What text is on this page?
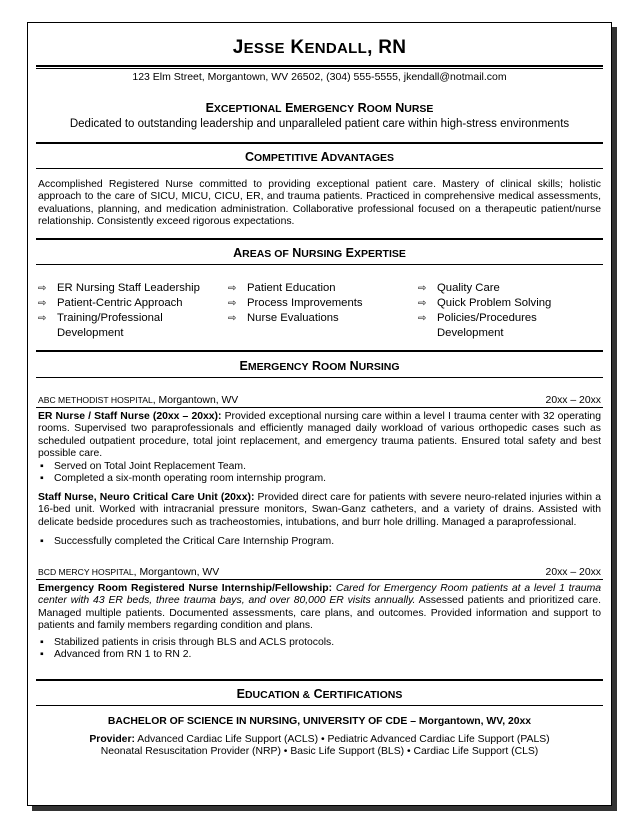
JESSE KENDALL, RN
123 Elm Street, Morgantown, WV 26502, (304) 555-5555, jkendall@notmail.com
EXCEPTIONAL EMERGENCY ROOM NURSE
Dedicated to outstanding leadership and unparalleled patient care within high-stress environments
COMPETITIVE ADVANTAGES
Accomplished Registered Nurse committed to providing exceptional patient care. Mastery of clinical skills; holistic approach to the care of SICU, MICU, CICU, ER, and trauma patients. Practiced in comprehensive medical assessments, evaluations, planning, and medication administration. Collaborative professional focused on a therapeutic patient/nurse relationship. Consistently exceed rigorous expectations.
AREAS OF NURSING EXPERTISE
⇨ ER Nursing Staff Leadership
⇨ Patient-Centric Approach
⇨ Training/Professional Development
⇨ Patient Education
⇨ Process Improvements
⇨ Nurse Evaluations
⇨ Quality Care
⇨ Quick Problem Solving
⇨ Policies/Procedures Development
EMERGENCY ROOM NURSING
ABC METHODIST HOSPITAL, Morgantown, WV	20xx – 20xx
ER Nurse / Staff Nurse (20xx – 20xx): Provided exceptional nursing care within a level I trauma center with 32 operating rooms. Supervised two paraprofessionals and efficiently managed daily workload of various orthopedic cases such as scheduled outpatient procedure, total joint replacement, and emergency trauma patients. Ensured total safety and best possible care.
▪ Served on Total Joint Replacement Team.
▪ Completed a six-month operating room internship program.
Staff Nurse, Neuro Critical Care Unit (20xx): Provided direct care for patients with severe neuro-related injuries within a 16-bed unit. Worked with intracranial pressure monitors, Swan-Ganz catheters, and a variety of drains. Assisted with delicate bedside procedures such as tracheostomies, intubations, and burr hole drilling. Managed a paraprofessional.
▪ Successfully completed the Critical Care Internship Program.
BCD MERCY HOSPITAL, Morgantown, WV	20xx – 20xx
Emergency Room Registered Nurse Internship/Fellowship: Cared for Emergency Room patients at a level 1 trauma center with 43 ER beds, three trauma bays, and over 80,000 ER visits annually. Assessed patients and prioritized care. Managed multiple patients. Documented assessments, care plans, and outcomes. Provided information and support to patients and family members regarding condition and plans.
▪ Stabilized patients in crisis through BLS and ACLS protocols.
▪ Advanced from RN 1 to RN 2.
EDUCATION & CERTIFICATIONS
BACHELOR OF SCIENCE IN NURSING, UNIVERSITY OF CDE – Morgantown, WV, 20xx
Provider: Advanced Cardiac Life Support (ACLS) • Pediatric Advanced Cardiac Life Support (PALS)
Neonatal Resuscitation Provider (NRP) • Basic Life Support (BLS) • Cardiac Life Support (CLS)
